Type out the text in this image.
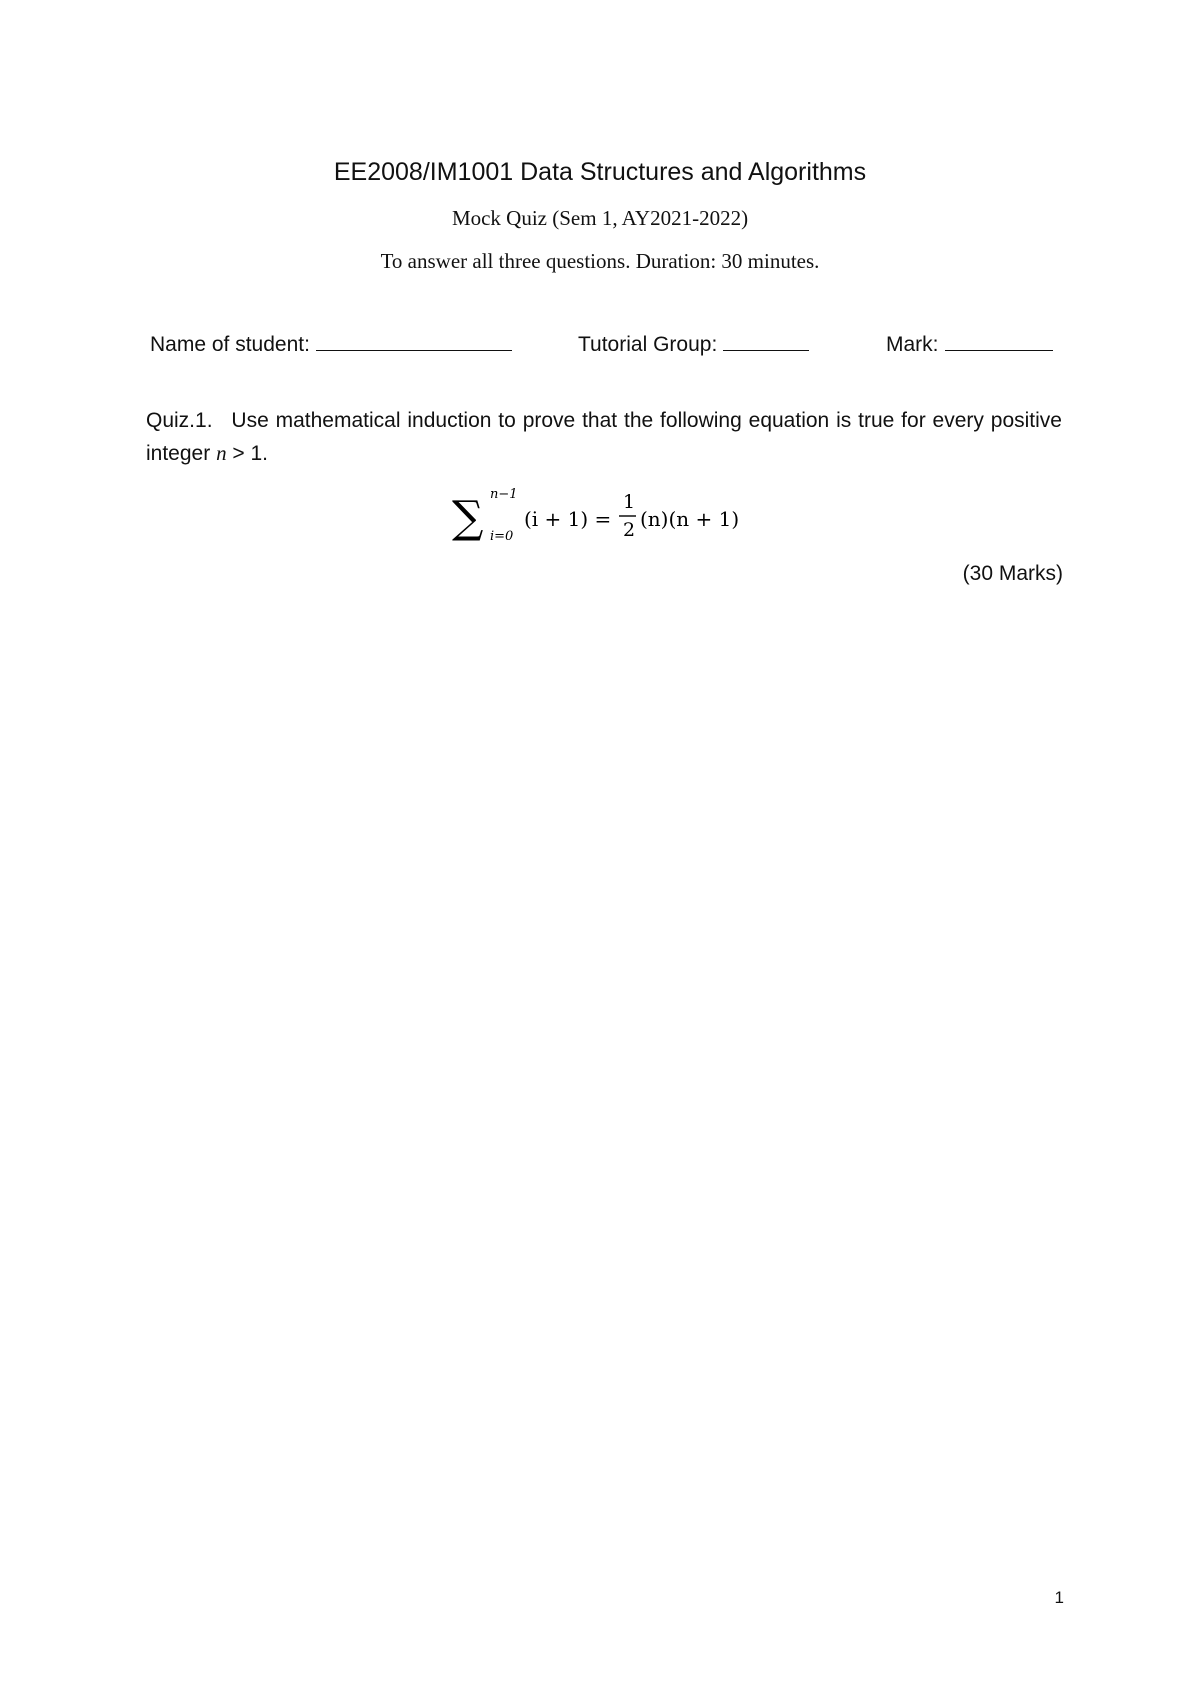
EE2008/IM1001 Data Structures and Algorithms
Mock Quiz (Sem 1, AY2021-2022)
To answer all three questions. Duration: 30 minutes.
Name of student:	Tutorial Group:	Mark:
Quiz.1. Use mathematical induction to prove that the following equation is true for every positive integer n > 1.
∑ n−1
i=0
(i + 1) =
1
2 (n)(n + 1)
(30 Marks)
1
